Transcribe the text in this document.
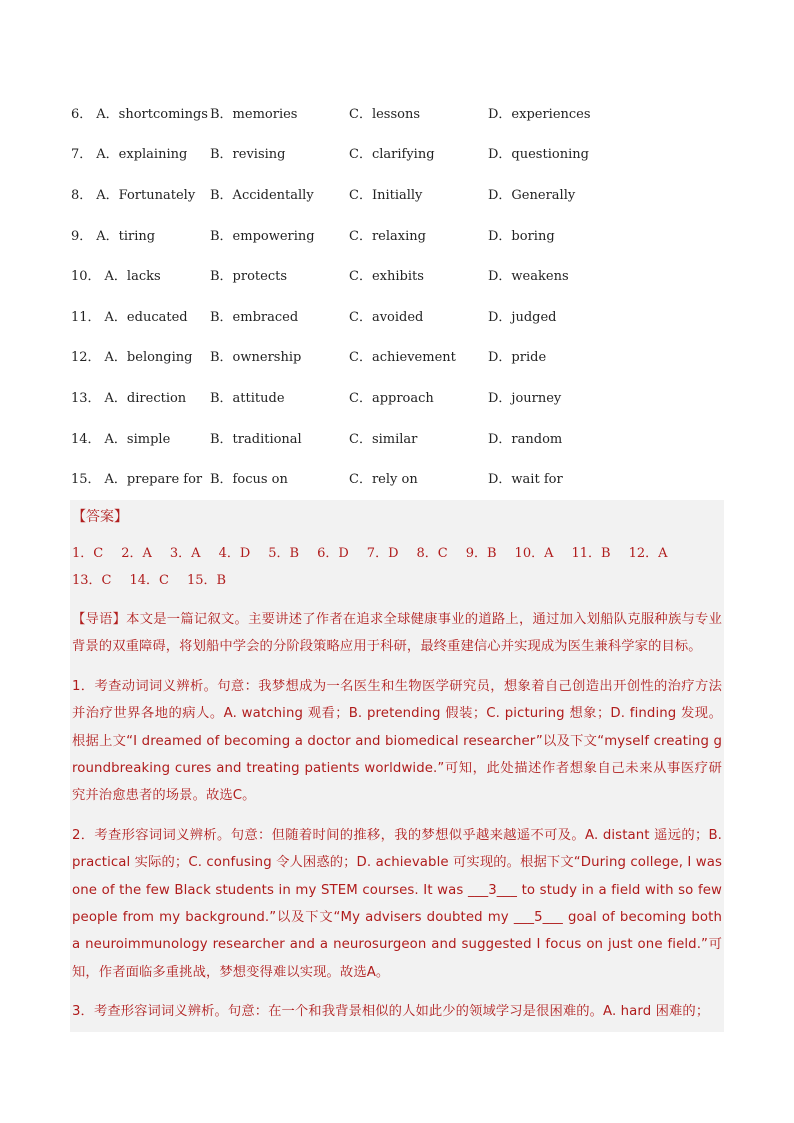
6． A．shortcomings B．memories	C．lessons	D．experiences
7． A．explaining	B．revising	C．clarifying	D．questioning
8． A．Fortunately	B．Accidentally	C．Initially	D．Generally
9． A．tiring	B．empowering	C．relaxing	D．boring
10． A．lacks	B．protects	C．exhibits	D．weakens
11． A．educated	B．embraced	C．avoided	D．judged
12． A．belonging	B．ownership	C．achievement	D．pride
13． A．direction	B．attitude	C．approach	D．journey
14． A．simple	B．traditional	C．similar	D．random
15． A．prepare for B．focus on	C．rely on	D．wait for
【答案】
1．C 2．A 3．A 4．D 5．B 6．D 7．D 8．C 9．B 10．A 11．B 12．A13．C 14．C 15．B
【导语】本文是一篇记叙文。主要讲述了作者在追求全球健康事业的道路上，通过加入划船队克服种族与专业背景的双重障碍，将划船中学会的分阶段策略应用于科研，最终重建信心并实现成为医生兼科学家的目标。
1．考查动词词义辨析。句意：我梦想成为一名医生和生物医学研究员，想象着自己创造出开创性的治疗方法并治疗世界各地的病人。A. watching 观看；B. pretending 假装；C. picturing 想象；D. finding 发现。根据上文“I dreamed of becoming a doctor and biomedical researcher”以及下文“myself creating groundbreaking cures and treating patients worldwide.”可知，此处描述作者想象自己未来从事医疗研究并治愈患者的场景。故选C。
2．考查形容词词义辨析。句意：但随着时间的推移，我的梦想似乎越来越遥不可及。A. distant 遥远的；B. practical 实际的；C. confusing 令人困惑的；D. achievable 可实现的。根据下文“During college, I was one of the few Black students in my STEM courses. It was ___3___ to study in a field with so few people from my background.”以及下文“My advisers doubted my ___5___ goal of becoming both a neuroimmunology researcher and a neurosurgeon and suggested I focus on just one field.”可知，作者面临多重挑战，梦想变得难以实现。故选A。
3．考查形容词词义辨析。句意：在一个和我背景相似的人如此少的领域学习是很困难的。A. hard 困难的；
